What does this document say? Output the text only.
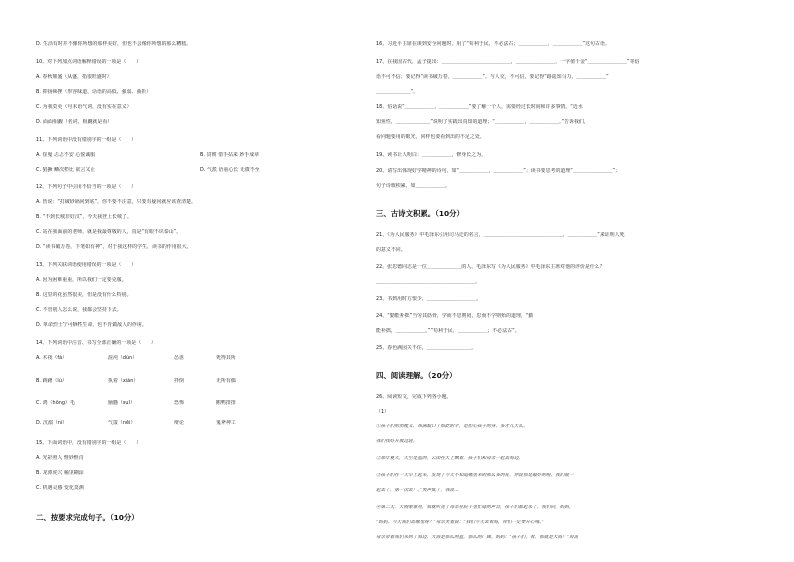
D. 生活有时并不像你所想的那样美好，但也不会像你所想的那么糟糕。
10、对下列加点词语解释错误的一项是（　　）
A. 春秋鼎盛（从盛，指很旺盛时）
B. 抑扬顿挫（形容味道、话语的高低、强弱、曲折）
C. 为我莫更（句末语气词，没有实在意义）
D. 面面相觑（名词，相觑就是看）
11、下列词语中没有错别字的一组是（　　）
A. 崔嵬 忐忑不安 心悦诚服	B. 贯彻 借手拈来 妙手成章
C. 猖獗 鳞次栉比 欲言又止	D. 气派 语重心长 无微不至
12、下列句子中引用不恰当的一项是（　　）
A. 皆说：“打破砂锅问到底”，你不要不注意，只要有疑问就应该查清楚。
B. “不到长城非好汉”，今天我登上长城了。
C. 站在我面前的老师，就是我最尊敬的人，真是“有眼不识泰山”。
D. “读书破万卷，下笔如有神”，对于我这样的学生，读书的作用很大。
13、下列关联词语使用错误的一项是（　　）
A. 因为困难重重，所以我们一定要克服。
B. 这里的花虽然很美，但是没有什么特别。
C. 不管别人怎么说，我都会坚持下去。
D. 革命烈士宁可牺牲生命，也不肯做敌人的俘虏。
14、下列词语中注音、书写全部正确的一项是（　　）
A. 木筏（fá）	混沌（dùn）	怂恿	死得其所
B. 踌躇（lù）	执着（xián）	拌倒	无所有偶
C. 鸿（hōng）毛	脑髓（suǐ）	恐怖	鹅鸭排排
D. 沉溺（ní）	气馁（něi）	辩论	鬼斧神工
15、下面词语中，没有错别字的一组是（　　）
A. 光彩照人 惟妙惟肖
B. 龙潭虎穴 稀里糊涂
C. 机遇灵感 变化莫测
二、按要求完成句子。（10分）
16、习近平主席在谈到安全问题时，用了“苟利于民，不必法古；＿＿＿＿＿＿，＿＿＿＿＿＿”这句古语。
17、在我国古代，孟子提出：＿＿＿＿＿＿＿＿＿＿＿＿＿＿，＿＿＿＿＿＿＿＿，一字值千金“＿＿＿＿＿＿＿＿”等俗
语不可不信；要记得“读书破万卷，＿＿＿＿＿＿”。与人交，不可信，要记得“路遥知马力，＿＿＿＿＿＿”
＿＿＿＿＿＿＿”。
18、俗话说“＿＿＿＿＿＿，＿＿＿＿＿＿”要了解一个人，需要经过长时间和许多事情。“近水
知鱼性，＿＿＿＿＿＿＿”说明了实践出真知的道理；“＿＿＿＿＿＿，＿＿＿＿＿＿。”告诉我们，
看问题要用的眼光，同样也要看到出的不足之处。
19、读书让人明白：＿＿＿＿＿＿，修身长之为。
20、请写出体现好学精神的诗句，如“＿＿＿＿＿＿，＿＿＿＿＿＿”；读书要思考的道理“＿＿＿＿＿＿＿＿”；
句子诗歌积累，如＿＿＿＿＿＿。
三、古诗文积累。（10分）
21、《为人民服务》中毛泽东引用司马迁的名言，＿＿＿＿＿＿＿＿＿＿＿＿＿＿＿＿，＿＿＿＿＿＿”来证明人死
的意义不同。
22、张思德同志是一位＿＿＿＿＿＿＿的人，毛泽东写《为人民服务》中毛泽东主席对他的评价是什么？
＿＿＿＿＿＿＿＿＿＿＿＿＿＿＿＿＿＿＿＿。
23、书到用时方恨少，＿＿＿＿＿＿＿＿＿＿。
24、“勤能补拙”当劳其筋骨，学而不思则罔，思而不学则殆的道理，“勤
能补拙，＿＿＿＿＿＿。”“苟利于民，＿＿＿＿＿＿；不必法古”。
25、春色满园关不住，＿＿＿＿＿＿＿＿＿。
四、阅读理解。（20分）
26、阅读短文，完成下列各小题。
（1）
①孩子们的消瘦又、布满裂口了如此的手，是担心孩子的身，多才几天么。
我们找好开展过进。
②那年夏天，天空是蓝的，云团在天上飘着，孩子们和母亲一起去海边。
③孩子们在一天早上起来，发现了今天不知道哪里来的那么多的花，你说那是最好的啦，我们就一
起去了，第一次去！。”哭声低了，我说…
④第二天，天刚蒙蒙亮，我就听见了母亲在院子里忙碌的声音，孩子们都起来了。我们问，妈妈，
“妈妈，今天我们去哪里呀？”母亲笑着说：“我们今天去看海，你们一定要开心哦。”
母亲带着我们来到了海边，大海是那么的蓝，那么的广阔。妈妈：“孩子们，看，那就是大海！”再说
